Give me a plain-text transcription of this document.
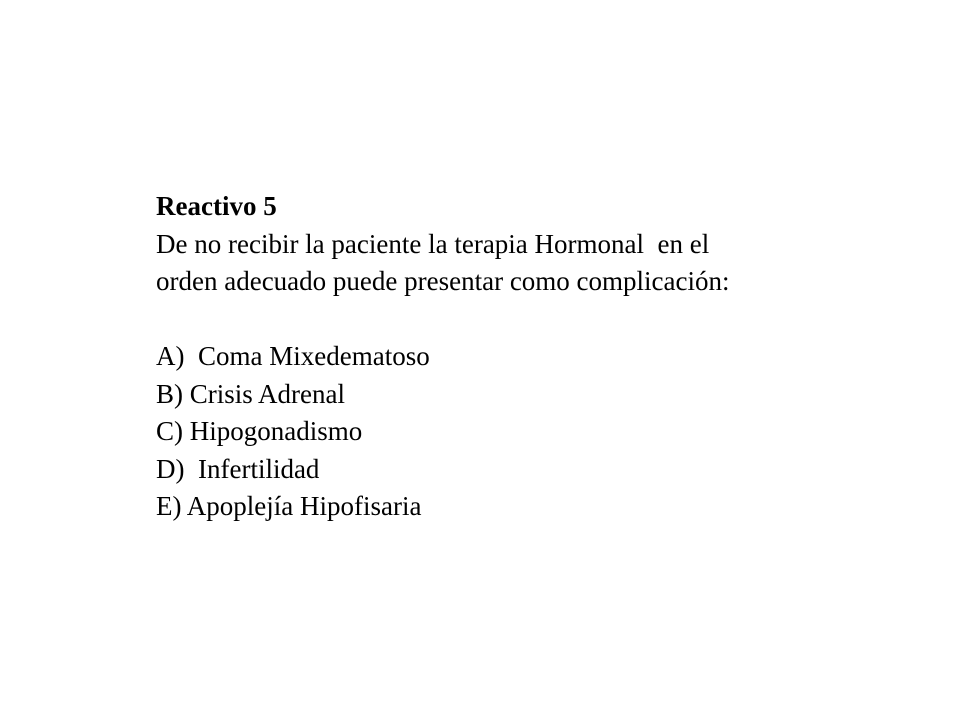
Reactivo 5

De no recibir la paciente la terapia Hormonal  en el

orden adecuado puede presentar como complicación:

A)  Coma Mixedematoso
B) Crisis Adrenal
C) Hipogonadismo
D)  Infertilidad
E) Apoplejía Hipofisaria
